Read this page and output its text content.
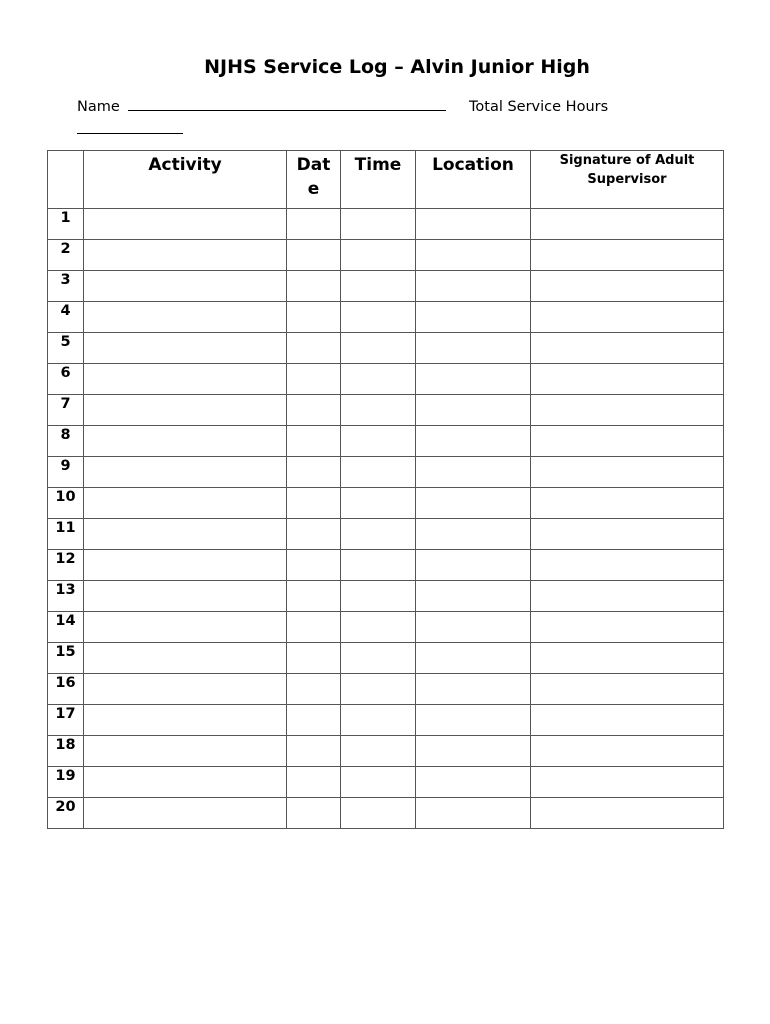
NJHS Service Log – Alvin Junior High
Name	Total Service Hours
	Activity	Dat e	Time	Location	Signature of Adult Supervisor
1					
2					
3					
4					
5					
6					
7					
8					
9					
10					
11					
12					
13					
14					
15					
16					
17					
18					
19					
20					
